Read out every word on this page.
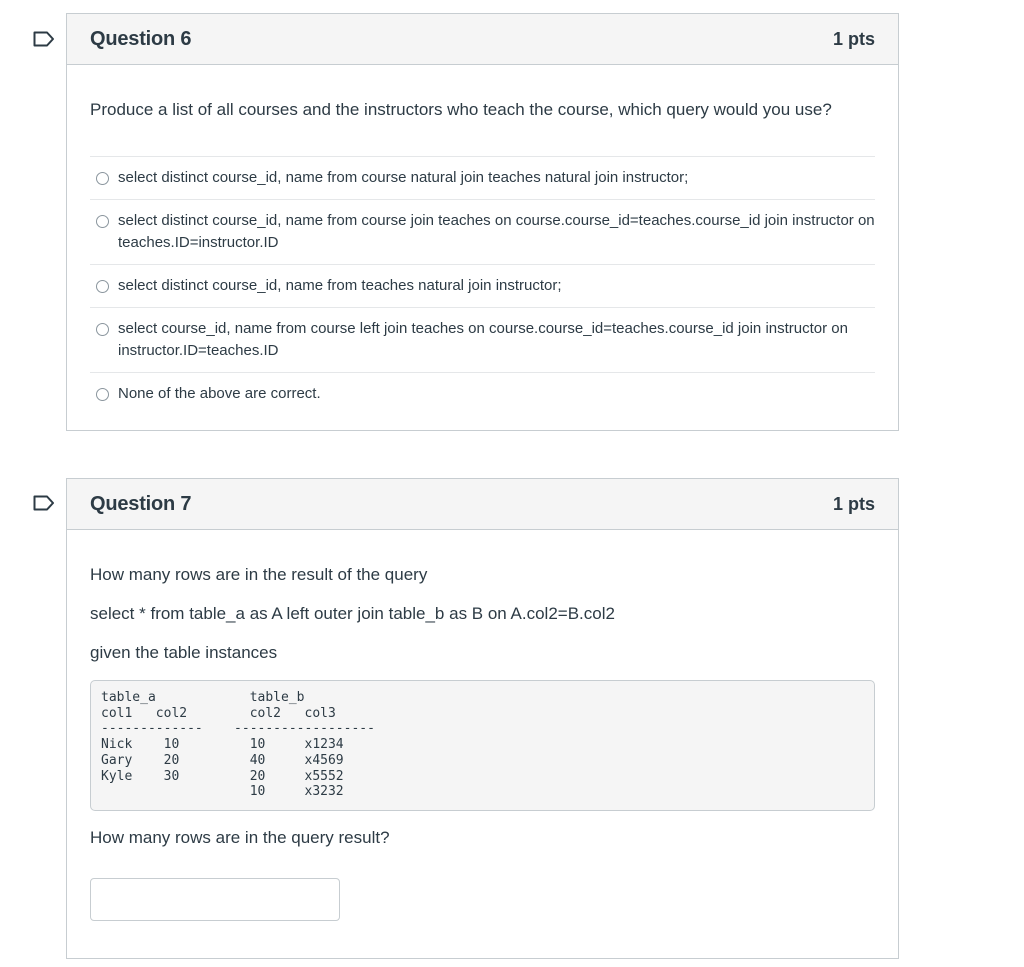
Question 6	1 pts

Produce a list of all courses and the instructors who teach the course, which query would you use?

select distinct course_id, name from course natural join teaches natural join instructor;
select distinct course_id, name from course join teaches on course.course_id=teaches.course_id join instructor on teaches.ID=instructor.ID
select distinct course_id, name from teaches natural join instructor;
select course_id, name from course left join teaches on course.course_id=teaches.course_id join instructor on instructor.ID=teaches.ID
None of the above are correct.
Question 7	1 pts

How many rows are in the result of the query

select * from table_a as A left outer join table_b as B on A.col2=B.col2

given the table instances

table_a            table_b
col1   col2        col2   col3
-------------    ------------------
Nick    10         10     x1234
Gary    20         40     x4569
Kyle    30         20     x5552
10     x3232

How many rows are in the query result?
